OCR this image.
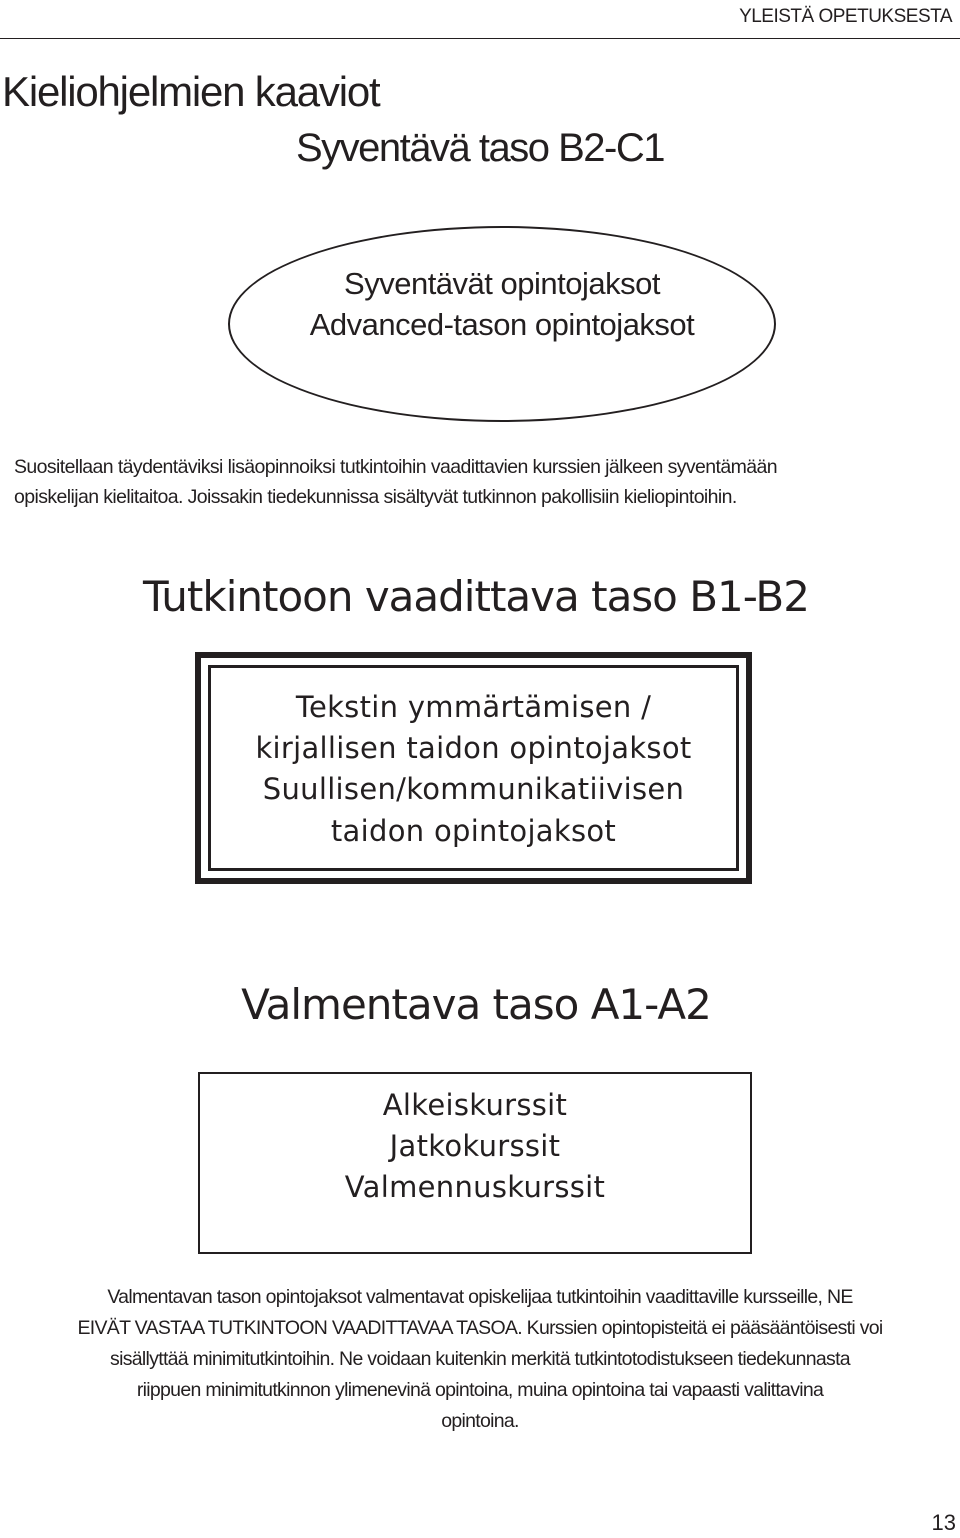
YLEISTÄ OPETUKSESTA
Kieliohjelmien kaaviot
Syventävä taso B2-C1
Syventävät opintojaksot
Advanced-tason opintojaksot
Suositellaan täydentäviksi lisäopinnoiksi tutkintoihin vaadittavien kurssien jälkeen syventämään
opiskelijan kielitaitoa. Joissakin tiedekunnissa sisältyvät tutkinnon pakollisiin kieliopintoihin.
Tutkintoon vaadittava taso B1-B2
Tekstin ymmärtämisen /
kirjallisen taidon opintojaksot
Suullisen/kommunikatiivisen
taidon opintojaksot
Valmentava taso A1-A2
Alkeiskurssit
Jatkokurssit
Valmennuskurssit
Valmentavan tason opintojaksot valmentavat opiskelijaa tutkintoihin vaadittaville kursseille, NE
EIVÄT VASTAA TUTKINTOON VAADITTAVAA TASOA. Kurssien opintopisteitä ei pääsääntöisesti voi
sisällyttää minimitutkintoihin. Ne voidaan kuitenkin merkitä tutkintotodistukseen tiedekunnasta
riippuen minimitutkinnon ylimenevinä opintoina, muina opintoina tai vapaasti valittavina
opintoina.
13
